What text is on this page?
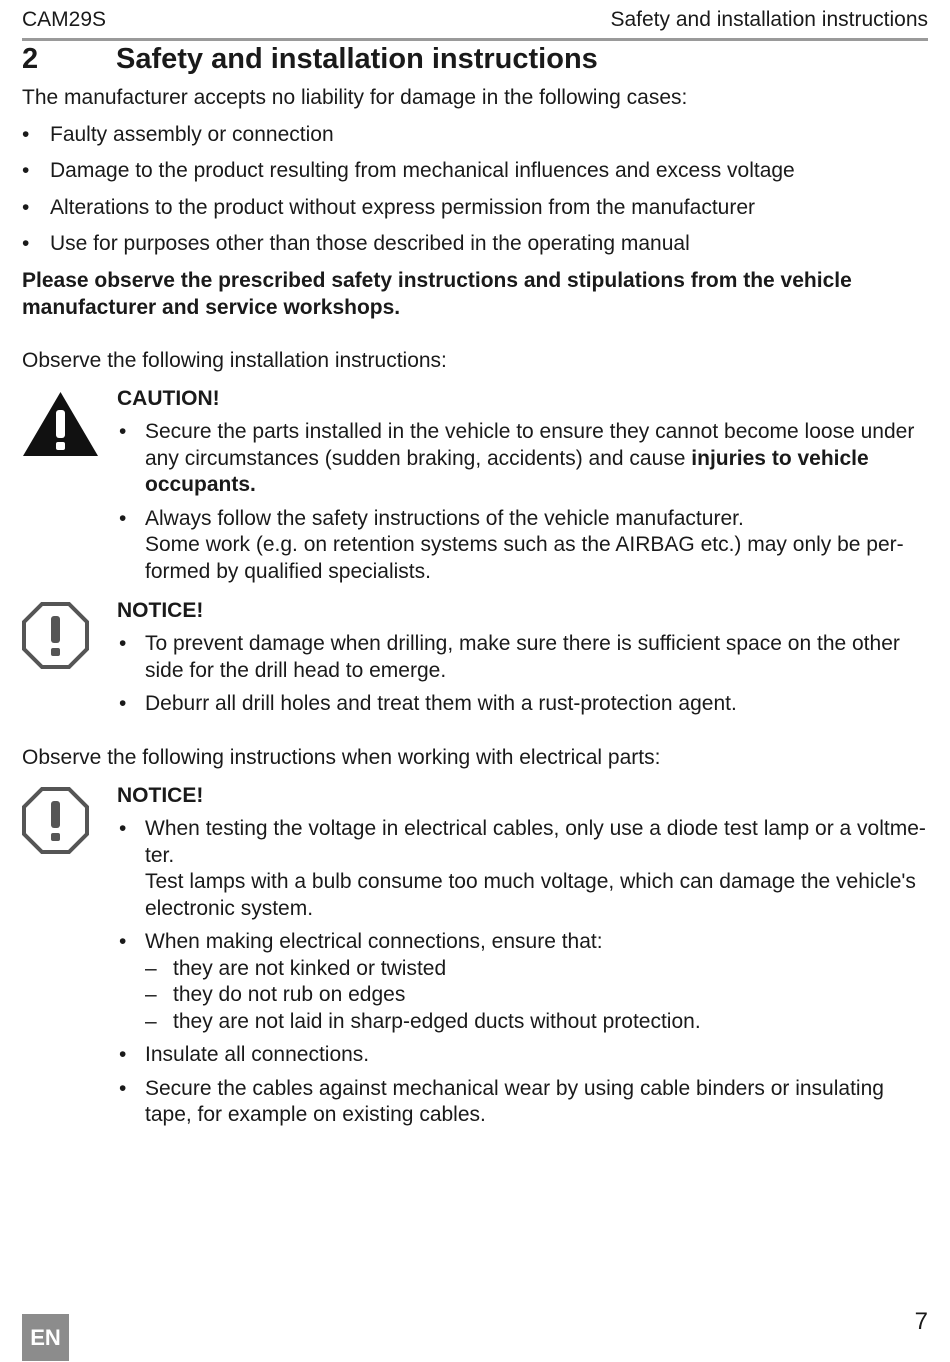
CAM29S	Safety and installation instructions
2	Safety and installation instructions
The manufacturer accepts no liability for damage in the following cases:
• Faulty assembly or connection
• Damage to the product resulting from mechanical influences and excess voltage
• Alterations to the product without express permission from the manufacturer
• Use for purposes other than those described in the operating manual
Please observe the prescribed safety instructions and stipulations from the vehicle manufacturer and service workshops.
Observe the following installation instructions:
CAUTION!
• Secure the parts installed in the vehicle to ensure they cannot become loose under any circumstances (sudden braking, accidents) and cause injuries to vehicle occupants.
• Always follow the safety instructions of the vehicle manufacturer.
Some work (e.g. on retention systems such as the AIRBAG etc.) may only be performed by qualified specialists.
NOTICE!
• To prevent damage when drilling, make sure there is sufficient space on the other side for the drill head to emerge.
• Deburr all drill holes and treat them with a rust-protection agent.
Observe the following instructions when working with electrical parts:
NOTICE!
• When testing the voltage in electrical cables, only use a diode test lamp or a voltmeter.
Test lamps with a bulb consume too much voltage, which can damage the vehicle's electronic system.
• When making electrical connections, ensure that:
– they are not kinked or twisted
– they do not rub on edges
– they are not laid in sharp-edged ducts without protection.
• Insulate all connections.
• Secure the cables against mechanical wear by using cable binders or insulating tape, for example on existing cables.
EN
7
